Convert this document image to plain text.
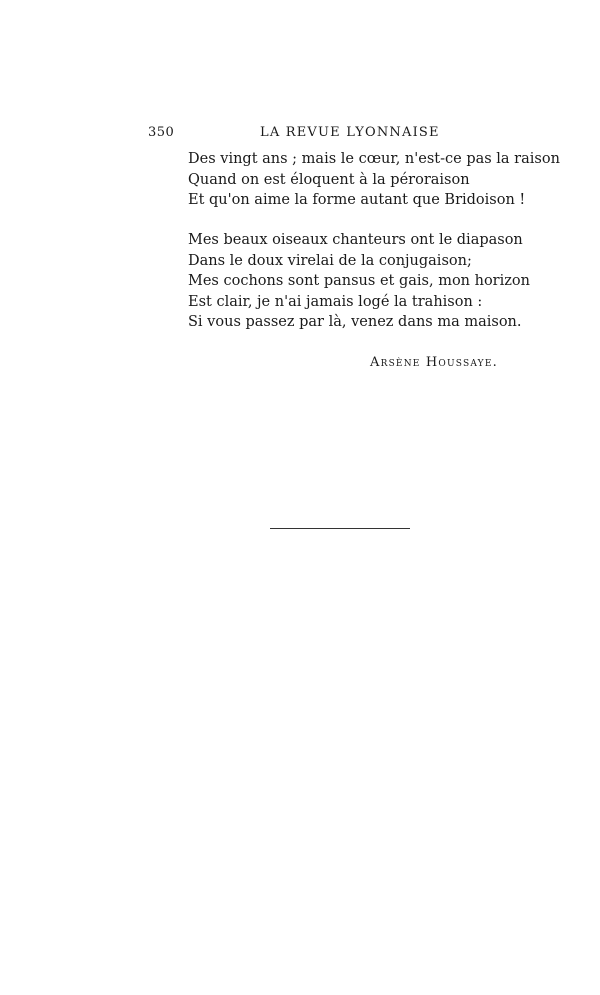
350	LA REVUE LYONNAISE
Des vingt ans ; mais le cœur, n'est-ce pas la raison
Quand on est éloquent à la péroraison
Et qu'on aime la forme autant que Bridoison !
Mes beaux oiseaux chanteurs ont le diapason
Dans le doux virelai de la conjugaison;
Mes cochons sont pansus et gais, mon horizon
Est clair, je n'ai jamais logé la trahison :
Si vous passez par là, venez dans ma maison.
Arsène Houssaye.
